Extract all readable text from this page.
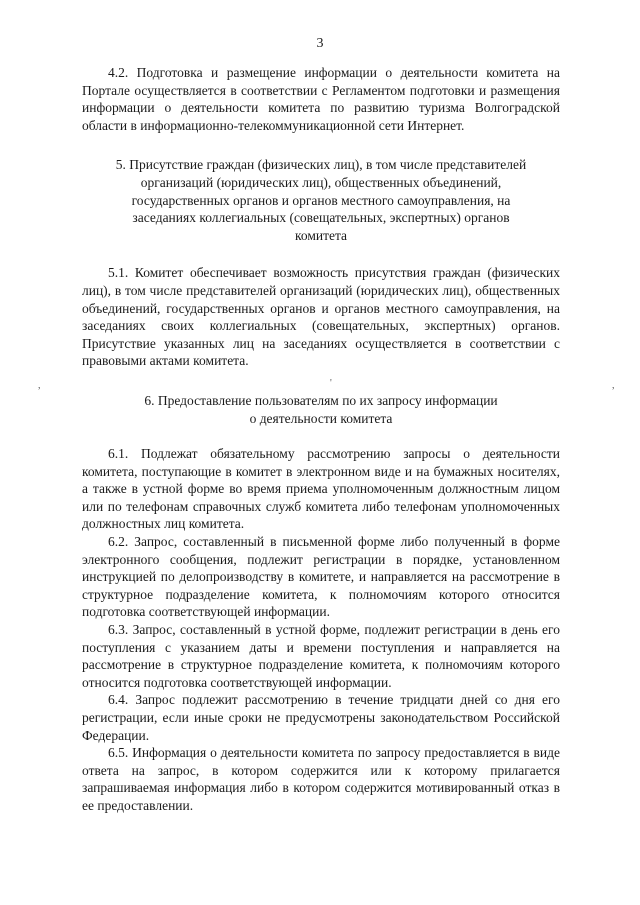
3
,	,
'

4.2. Подготовка и размещение информации о деятельности комитета на Портале осуществляется в соответствии с Регламентом подготовки и размещения информации о деятельности комитета по развитию туризма Волгоградской области в информационно-телекоммуникационной сети Интернет.

5. Присутствие граждан (физических лиц), в том числе представителей организаций (юридических лиц), общественных объединений, государственных органов и органов местного самоуправления, на заседаниях коллегиальных (совещательных, экспертных) органов комитета

5.1. Комитет обеспечивает возможность присутствия граждан (физических лиц), в том числе представителей организаций (юридических лиц), общественных объединений, государственных органов и органов местного самоуправления, на заседаниях своих коллегиальных (совещательных, экспертных) органов. Присутствие указанных лиц на заседаниях осуществляется в соответствии с правовыми актами комитета.

6. Предоставление пользователям по их запросу информации о деятельности комитета

6.1. Подлежат обязательному рассмотрению запросы о деятельности комитета, поступающие в комитет в электронном виде и на бумажных носителях, а также в устной форме во время приема уполномоченным должностным лицом или по телефонам справочных служб комитета либо телефонам уполномоченных должностных лиц комитета.

6.2. Запрос, составленный в письменной форме либо полученный в форме электронного сообщения, подлежит регистрации в порядке, установленном инструкцией по делопроизводству в комитете, и направляется на рассмотрение в структурное подразделение комитета, к полномочиям которого относится подготовка соответствующей информации.

6.3. Запрос, составленный в устной форме, подлежит регистрации в день его поступления с указанием даты и времени поступления и направляется на рассмотрение в структурное подразделение комитета, к полномочиям которого относится подготовка соответствующей информации.

6.4. Запрос подлежит рассмотрению в течение тридцати дней со дня его регистрации, если иные сроки не предусмотрены законодательством Российской Федерации.

6.5. Информация о деятельности комитета по запросу предоставляется в виде ответа на запрос, в котором содержится или к которому прилагается запрашиваемая информация либо в котором содержится мотивированный отказ в ее предоставлении.
